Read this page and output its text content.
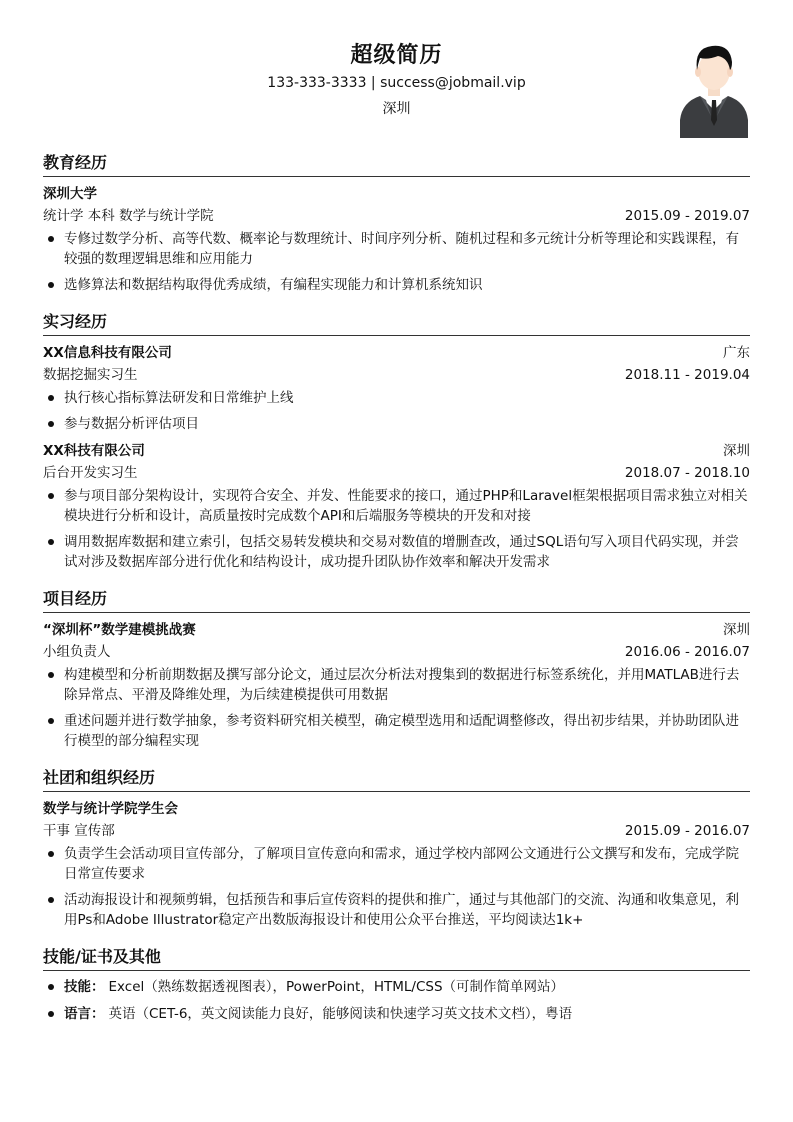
超级简历
133-333-3333 | success@jobmail.vip
深圳
教育经历
深圳大学
统计学 本科 数学与统计学院	2015.09 - 2019.07
专修过数学分析、高等代数、概率论与数理统计、时间序列分析、随机过程和多元统计分析等理论和实践课程，有较强的数理逻辑思维和应用能力
选修算法和数据结构取得优秀成绩，有编程实现能力和计算机系统知识
实习经历
XX信息科技有限公司	广东
数据挖掘实习生	2018.11 - 2019.04
执行核心指标算法研发和日常维护上线
参与数据分析评估项目
XX科技有限公司	深圳
后台开发实习生	2018.07 - 2018.10
参与项目部分架构设计，实现符合安全、并发、性能要求的接口，通过PHP和Laravel框架根据项目需求独立对相关模块进行分析和设计，高质量按时完成数个API和后端服务等模块的开发和对接
调用数据库数据和建立索引，包括交易转发模块和交易对数值的增删查改，通过SQL语句写入项目代码实现，并尝试对涉及数据库部分进行优化和结构设计，成功提升团队协作效率和解决开发需求
项目经历
“深圳杯”数学建模挑战赛	深圳
小组负责人	2016.06 - 2016.07
构建模型和分析前期数据及撰写部分论文，通过层次分析法对搜集到的数据进行标签系统化，并用MATLAB进行去除异常点、平滑及降维处理，为后续建模提供可用数据
重述问题并进行数学抽象，参考资料研究相关模型，确定模型选用和适配调整修改，得出初步结果，并协助团队进行模型的部分编程实现
社团和组织经历
数学与统计学院学生会
干事 宣传部	2015.09 - 2016.07
负责学生会活动项目宣传部分，了解项目宣传意向和需求，通过学校内部网公文通进行公文撰写和发布，完成学院日常宣传要求
活动海报设计和视频剪辑，包括预告和事后宣传资料的提供和推广，通过与其他部门的交流、沟通和收集意见，利用Ps和Adobe Illustrator稳定产出数版海报设计和使用公众平台推送，平均阅读达1k+
技能/证书及其他
技能： Excel（熟练数据透视图表），PowerPoint，HTML/CSS（可制作简单网站）
语言： 英语（CET-6，英文阅读能力良好，能够阅读和快速学习英文技术文档），粤语
